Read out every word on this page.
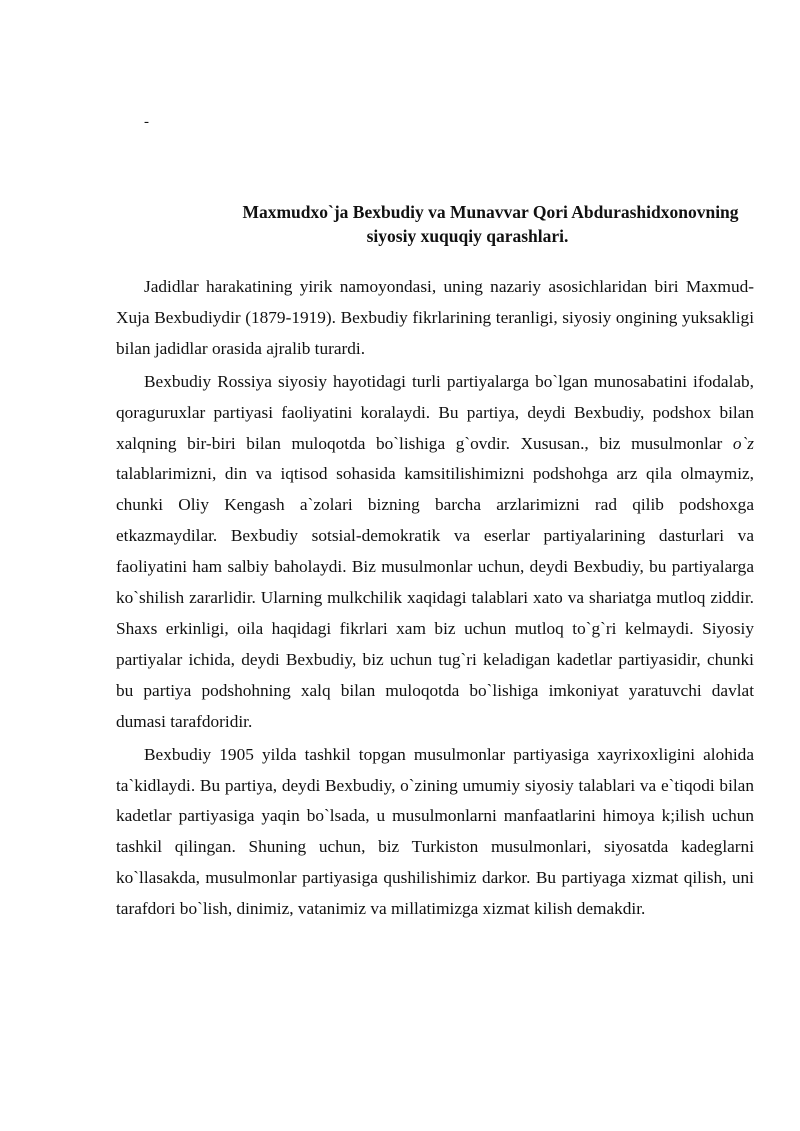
-
Maxmudxo`ja Bexbudiy va Munavvar Qori Abdurashidxonovning
siyosiy xuquqiy qarashlari.

Jadidlar harakatining yirik namoyondasi, uning nazariy asosichlaridan biri Maxmud-Xuja Bexbudiydir (1879-1919). Bexbudiy fikrlarining teranligi, siyosiy ongining yuksakligi bilan jadidlar orasida ajralib turardi.

Bexbudiy Rossiya siyosiy hayotidagi turli partiyalarga bo`lgan munosabatini ifodalab, qoraguruxlar partiyasi faoliyatini koralaydi. Bu partiya, deydi Bexbudiy, podshox bilan xalqning bir-biri bilan muloqotda bo`lishiga g`ovdir. Xususan., biz musulmonlar o`z talablarimizni, din va iqtisod sohasida kamsitilishimizni podshohga arz qila olmaymiz, chunki Oliy Kengash a`zolari bizning barcha arzlarimizni rad qilib podshoxga etkazmaydilar. Bexbudiy sotsial-demokratik va eserlar partiyalarining dasturlari va faoliyatini ham salbiy baholaydi. Biz musulmonlar uchun, deydi Bexbudiy, bu partiyalarga ko`shilish zararlidir. Ularning mulkchilik xaqidagi talablari xato va shariatga mutloq ziddir. Shaxs erkinligi, oila haqidagi fikrlari xam biz uchun mutloq to`g`ri kelmaydi. Siyosiy partiyalar ichida, deydi Bexbudiy, biz uchun tug`ri keladigan kadetlar partiyasidir, chunki bu partiya podshohning xalq bilan muloqotda bo`lishiga imkoniyat yaratuvchi davlat dumasi tarafdoridir.

Bexbudiy 1905 yilda tashkil topgan musulmonlar partiyasiga xayrixoxligini alohida ta`kidlaydi. Bu partiya, deydi Bexbudiy, o`zining umumiy siyosiy talablari va e`tiqodi bilan kadetlar partiyasiga yaqin bo`lsada, u musulmonlarni manfaatlarini himoya k;ilish uchun tashkil qilingan. Shuning uchun, biz Turkiston musulmonlari, siyosatda kadeglarni ko`llasakda, musulmonlar partiyasiga qushilishimiz darkor. Bu partiyaga xizmat qilish, uni tarafdori bo`lish, dinimiz, vatanimiz va millatimizga xizmat kilish demakdir.
